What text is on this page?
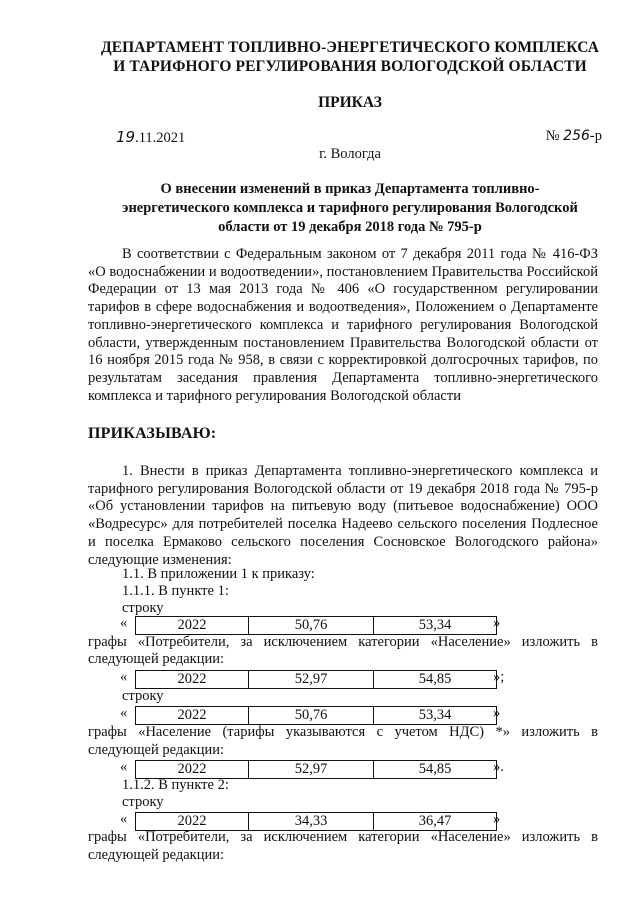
ДЕПАРТАМЕНТ ТОПЛИВНО-ЭНЕРГЕТИЧЕСКОГО КОМПЛЕКСА
И ТАРИФНОГО РЕГУЛИРОВАНИЯ ВОЛОГОДСКОЙ ОБЛАСТИ
ПРИКАЗ
19.11.2021	№ 256-р
г. Вологда
О внесении изменений в приказ Департамента топливно-
энергетического комплекса и тарифного регулирования Вологодской
области от 19 декабря 2018 года № 795-р
В соответствии с Федеральным законом от 7 декабря 2011 года № 416-ФЗ «О водоснабжении и водоотведении», постановлением Правительства Российской Федерации от 13 мая 2013 года № 406 «О государственном регулировании тарифов в сфере водоснабжения и водоотведения», Положением о Департаменте топливно-энергетического комплекса и тарифного регулирования Вологодской области, утвержденным постановлением Правительства Вологодской области от 16 ноября 2015 года № 958, в связи с корректировкой долгосрочных тарифов, по результатам заседания правления Департамента топливно-энергетического комплекса и тарифного регулирования Вологодской области
ПРИКАЗЫВАЮ:
1. Внести в приказ Департамента топливно-энергетического комплекса и тарифного регулирования Вологодской области от 19 декабря 2018 года № 795-р «Об установлении тарифов на питьевую воду (питьевое водоснабжение) ООО «Водресурс» для потребителей поселка Надеево сельского поселения Подлесное и поселка Ермаково сельского поселения Сосновское Вологодского района» следующие изменения:
1.1. В приложении 1 к приказу:
1.1.1. В пункте 1:
строку
«	2022	50,76	53,34	»
графы «Потребители, за исключением категории «Население» изложить в
следующей редакции:
«	2022	52,97	54,85	»;
строку
«	2022	50,76	53,34	»
графы «Население (тарифы указываются с учетом НДС) *» изложить в
следующей редакции:
«	2022	52,97	54,85	».
1.1.2. В пункте 2:
строку
«	2022	34,33	36,47	»
графы «Потребители, за исключением категории «Население» изложить в
следующей редакции:
